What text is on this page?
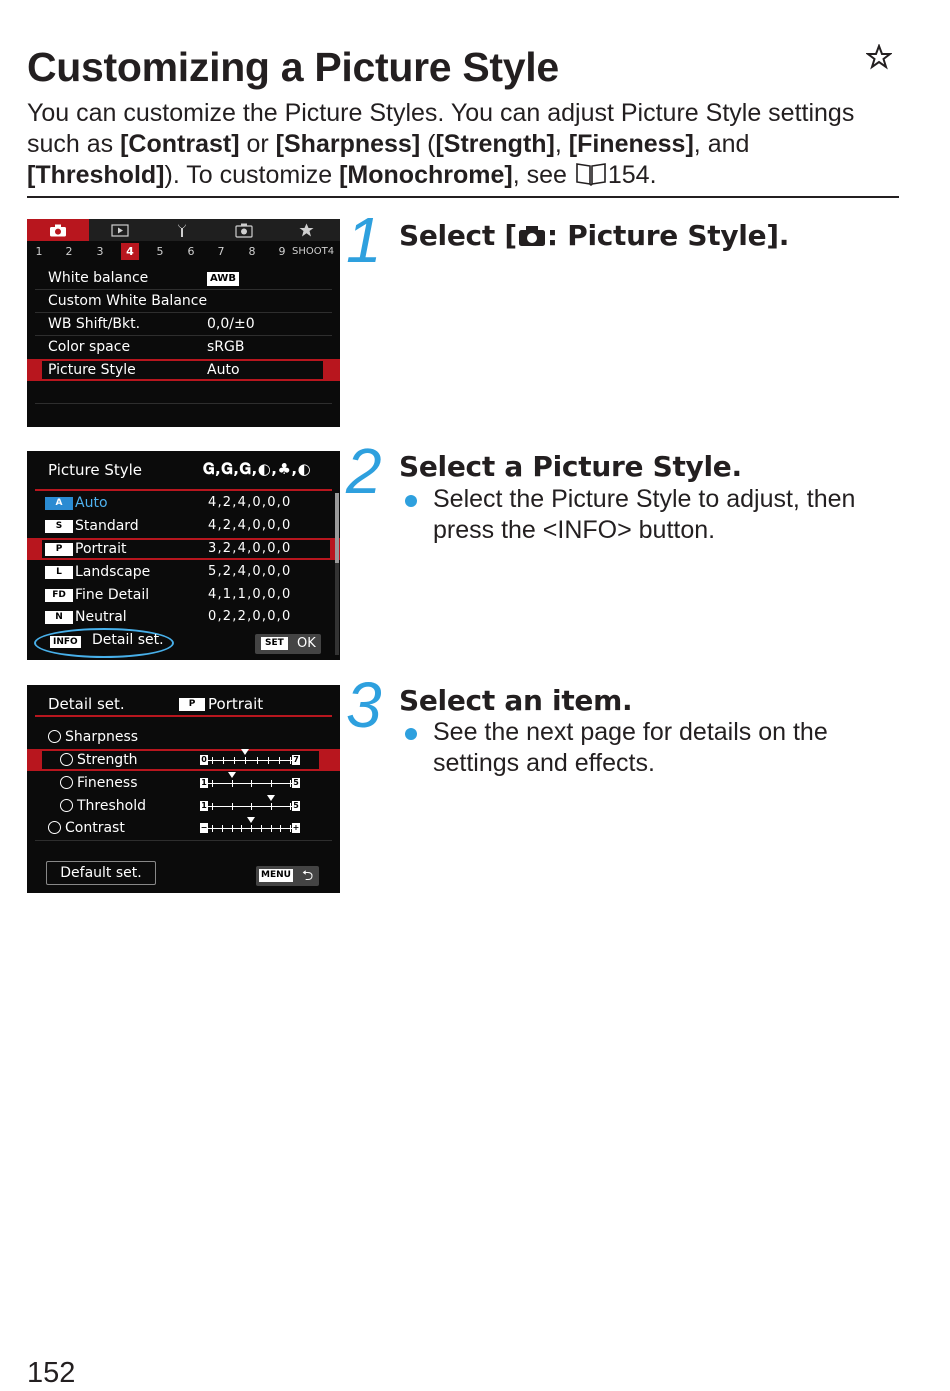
Customizing a Picture Style
You can customize the Picture Styles. You can adjust Picture Style settings such as [Contrast] or [Sharpness] ([Strength], [Fineness], and [Threshold]). To customize [Monochrome], see 154.
1	2	3	4	5	6	7	8	9 SHOOT4
White balance	AWB
Custom White Balance
WB Shift/Bkt.	0,0/±0
Color space	sRGB
Picture Style	Auto
Picture Style	𝐆,𝐆,𝐆,◐,♣,◐
A Auto	4,2,4,0,0,0
S Standard	4,2,4,0,0,0
P Portrait	3,2,4,0,0,0
L Landscape	5,2,4,0,0,0
FD Fine Detail	4,1,1,0,0,0
N Neutral	0,2,2,0,0,0
INFO Detail set.	SET	OK
Detail set.	P Portrait
Sharpness
Strength	0	7
Fineness	1	5
Threshold	1	5
Contrast	−	+
Default set.	MENU ⮌
1 Select [ : Picture Style].
2 Select a Picture Style.
Select the Picture Style to adjust, then press the <INFO> button.
3 Select an item.
See the next page for details on the settings and effects.
152
